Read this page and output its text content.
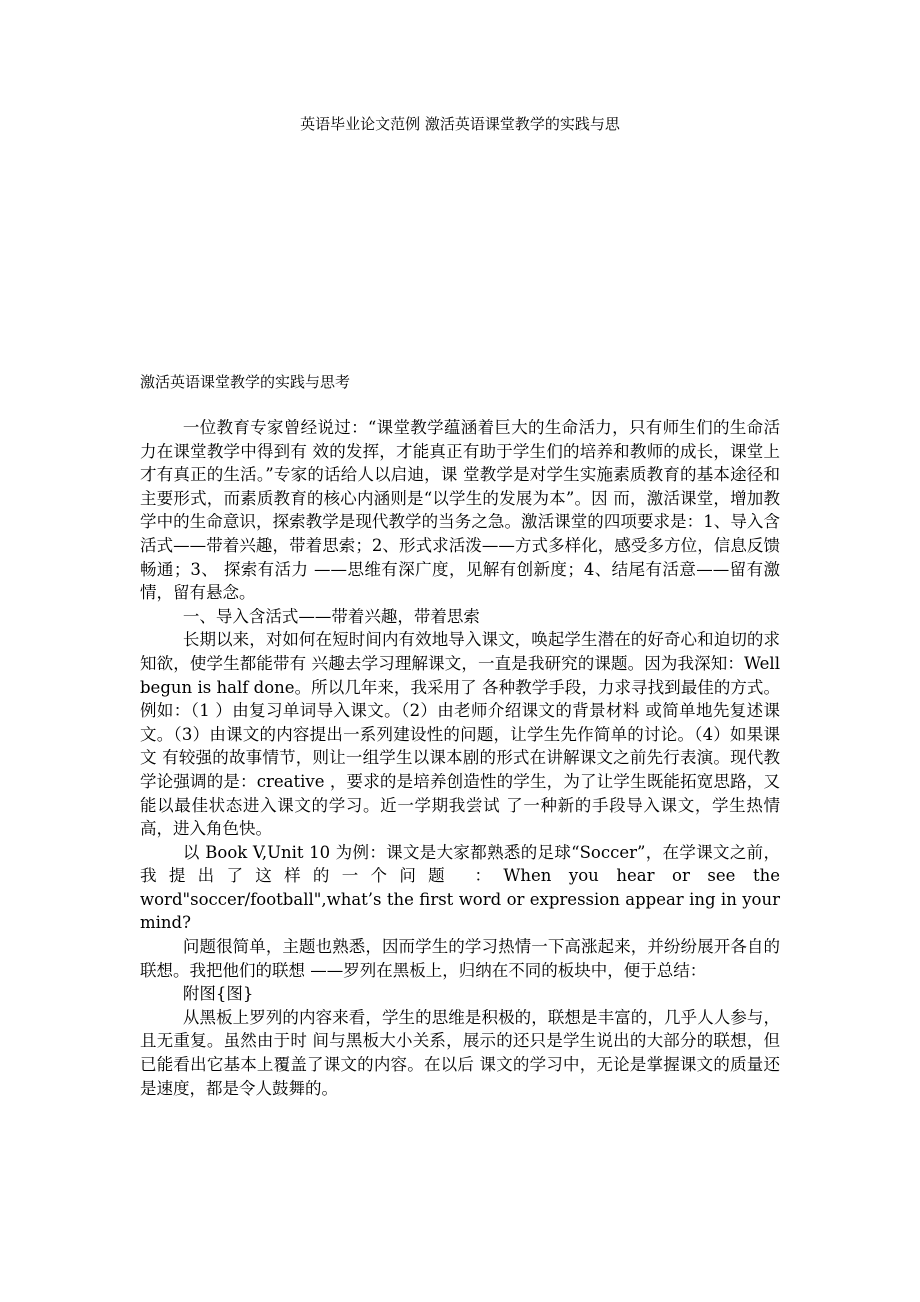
英语毕业论文范例 激活英语课堂教学的实践与思
激活英语课堂教学的实践与思考

一位教育专家曾经说过：“课堂教学蕴涵着巨大的生命活力，只有师生们的生命活力在课堂教学中得到有 效的发挥，才能真正有助于学生们的培养和教师的成长，课堂上才有真正的生活。”专家的话给人以启迪，课 堂教学是对学生实施素质教育的基本途径和主要形式，而素质教育的核心内涵则是“以学生的发展为本”。因 而，激活课堂，增加教学中的生命意识，探索教学是现代教学的当务之急。激活课堂的四项要求是：1、导入含 活式——带着兴趣，带着思索；2、形式求活泼——方式多样化，感受多方位，信息反馈畅通；3、 探索有活力 ——思维有深广度，见解有创新度；4、结尾有活意——留有激情，留有悬念。

一、导入含活式——带着兴趣，带着思索

长期以来，对如何在短时间内有效地导入课文，唤起学生潜在的好奇心和迫切的求知欲，使学生都能带有 兴趣去学习理解课文，一直是我研究的课题。因为我深知：Well begun is half done。所以几年来，我采用了 各种教学手段，力求寻找到最佳的方式。例如：（1 ）由复习单词导入课文。（2）由老师介绍课文的背景材料 或简单地先复述课文。（3）由课文的内容提出一系列建设性的问题，让学生先作简单的讨论。（4）如果课文 有较强的故事情节，则让一组学生以课本剧的形式在讲解课文之前先行表演。现代教学论强调的是：creative ，要求的是培养创造性的学生，为了让学生既能拓宽思路，又能以最佳状态进入课文的学习。近一学期我尝试 了一种新的手段导入课文，学生热情高，进入角色快。

以 Book V,Unit 10 为例：课文是大家都熟悉的足球“Soccer”，在学课文之前，我提出了这样的一个问题 ：When you hear or see the word"soccer/football",what’s the first word or expression appear ing in your mind?

问题很简单，主题也熟悉，因而学生的学习热情一下高涨起来，并纷纷展开各自的联想。我把他们的联想 ——罗列在黑板上，归纳在不同的板块中，便于总结：

附图{图}

从黑板上罗列的内容来看，学生的思维是积极的，联想是丰富的，几乎人人参与，且无重复。虽然由于时 间与黑板大小关系，展示的还只是学生说出的大部分的联想，但已能看出它基本上覆盖了课文的内容。在以后 课文的学习中，无论是掌握课文的质量还是速度，都是令人鼓舞的。
